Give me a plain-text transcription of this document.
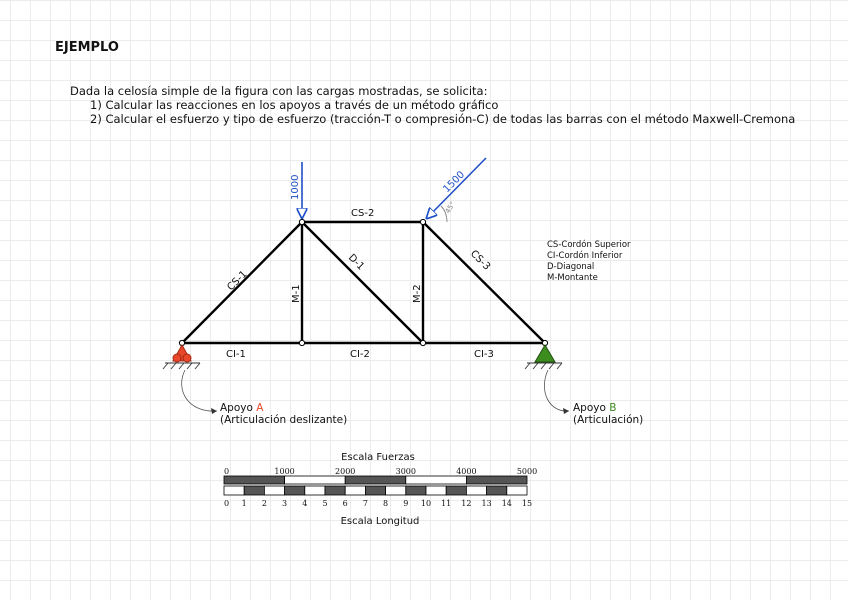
EJEMPLO
Dada la celosía simple de la figura con las cargas mostradas, se solicita:
1) Calcular las reacciones en los apoyos a través de un método gráfico
2) Calcular el esfuerzo y tipo de esfuerzo (tracción-T o compresión-C) de todas las barras con el método Maxwell-Cremona
CI-1	CI-2	CI-3
CS-2
CS-1
CS-3
D-1
M-1	M-2
1000	1500
45°
Apoyo A
(Articulación deslizante)
Apoyo B
(Articulación)
CS-Cordón Superior
CI-Cordón Inferior
D-Diagonal
M-Montante
Escala Fuerzas
0	1000	2000	3000	4000	5000
0 1 2 3 4 5 6 7 8 9 10 11 12 13 14 15
Escala Longitud
